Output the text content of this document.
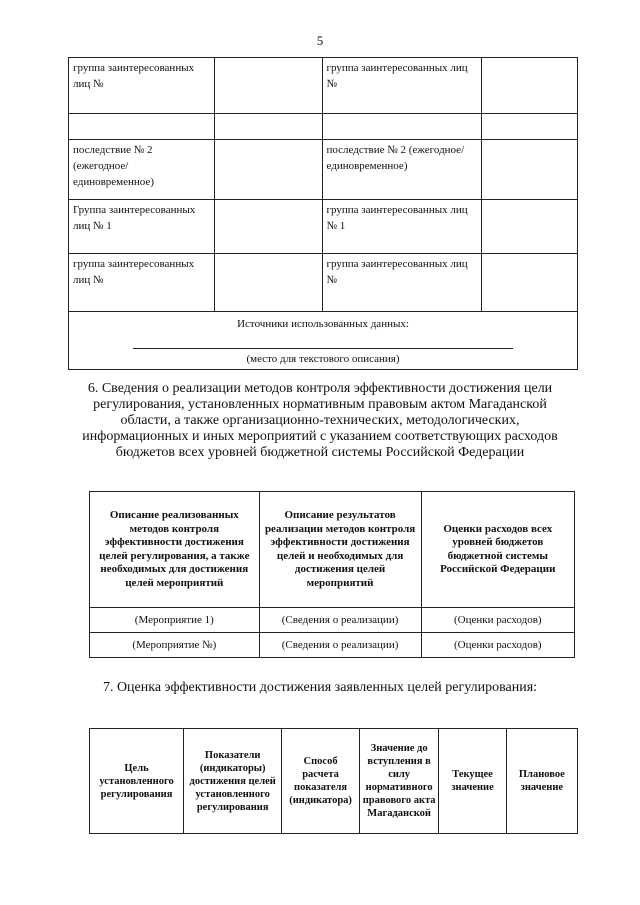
5
группа заинтересованных лиц №		группа заинтересованных лиц №	

последствие № 2 (ежегодное/ единовременное)		последствие № 2 (ежегодное/ единовременное)	
Группа заинтересованных лиц № 1		группа заинтересованных лиц № 1	
группа заинтересованных лиц №		группа заинтересованных лиц №	

Источники использованных данных:
(место для текстового описания)			
6. Сведения о реализации методов контроля эффективности достижения цели регулирования, установленных нормативным правовым актом Магаданской области, а также организационно-технических, методологических, информационных и иных мероприятий с указанием соответствующих расходов бюджетов всех уровней бюджетной системы Российской Федерации
Описание реализованных методов контроля эффективности достижения целей регулирования, а также необходимых для достижения целей мероприятий	Описание результатов реализации методов контроля эффективности достижения целей и необходимых для достижения целей мероприятий	Оценки расходов всех уровней бюджетов бюджетной системы Российской Федерации
(Мероприятие 1)	(Сведения о реализации)	(Оценки расходов)
(Мероприятие №)	(Сведения о реализации)	(Оценки расходов)
7. Оценка эффективности достижения заявленных целей регулирования:
Цель установленного регулирования	Показатели (индикаторы) достижения целей установленного регулирования	Способ расчета показателя (индикатора)	Значение до вступления в силу нормативного правового акта Магаданской	Текущее значение	Плановое значение
